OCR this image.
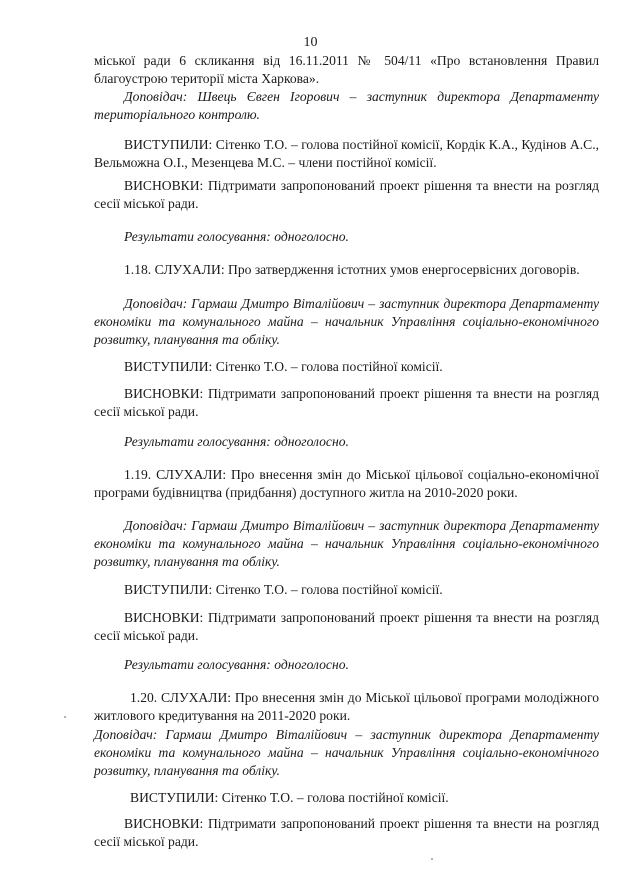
10
міської ради 6 скликання від 16.11.2011 № 504/11 «Про встановлення Правил благоустрою території міста Харкова».
Доповідач: Швець Євген Ігорович – заступник директора Департаменту територіального контролю.
ВИСТУПИЛИ: Сітенко Т.О. – голова постійної комісії, Кордік К.А., Кудінов А.С., Вельможна О.І., Мезенцева М.С. – члени постійної комісії.
ВИСНОВКИ: Підтримати запропонований проект рішення та внести на розгляд сесії міської ради.
Результати голосування: одноголосно.
1.18. СЛУХАЛИ: Про затвердження істотних умов енергосервісних договорів.
Доповідач: Гармаш Дмитро Віталійович – заступник директора Департаменту економіки та комунального майна – начальник Управління соціально-економічного розвитку, планування та обліку.
ВИСТУПИЛИ: Сітенко Т.О. – голова постійної комісії.
ВИСНОВКИ: Підтримати запропонований проект рішення та внести на розгляд сесії міської ради.
Результати голосування: одноголосно.
1.19. СЛУХАЛИ: Про внесення змін до Міської цільової соціально-економічної програми будівництва (придбання) доступного житла на 2010-2020 роки.
Доповідач: Гармаш Дмитро Віталійович – заступник директора Департаменту економіки та комунального майна – начальник Управління соціально-економічного розвитку, планування та обліку.
ВИСТУПИЛИ: Сітенко Т.О. – голова постійної комісії.
ВИСНОВКИ: Підтримати запропонований проект рішення та внести на розгляд сесії міської ради.
Результати голосування: одноголосно.
1.20. СЛУХАЛИ: Про внесення змін до Міської цільової програми молодіжного житлового кредитування на 2011-2020 роки.
Доповідач: Гармаш Дмитро Віталійович – заступник директора Департаменту економіки та комунального майна – начальник Управління соціально-економічного розвитку, планування та обліку.
ВИСТУПИЛИ: Сітенко Т.О. – голова постійної комісії.
ВИСНОВКИ: Підтримати запропонований проект рішення та внести на розгляд сесії міської ради.
